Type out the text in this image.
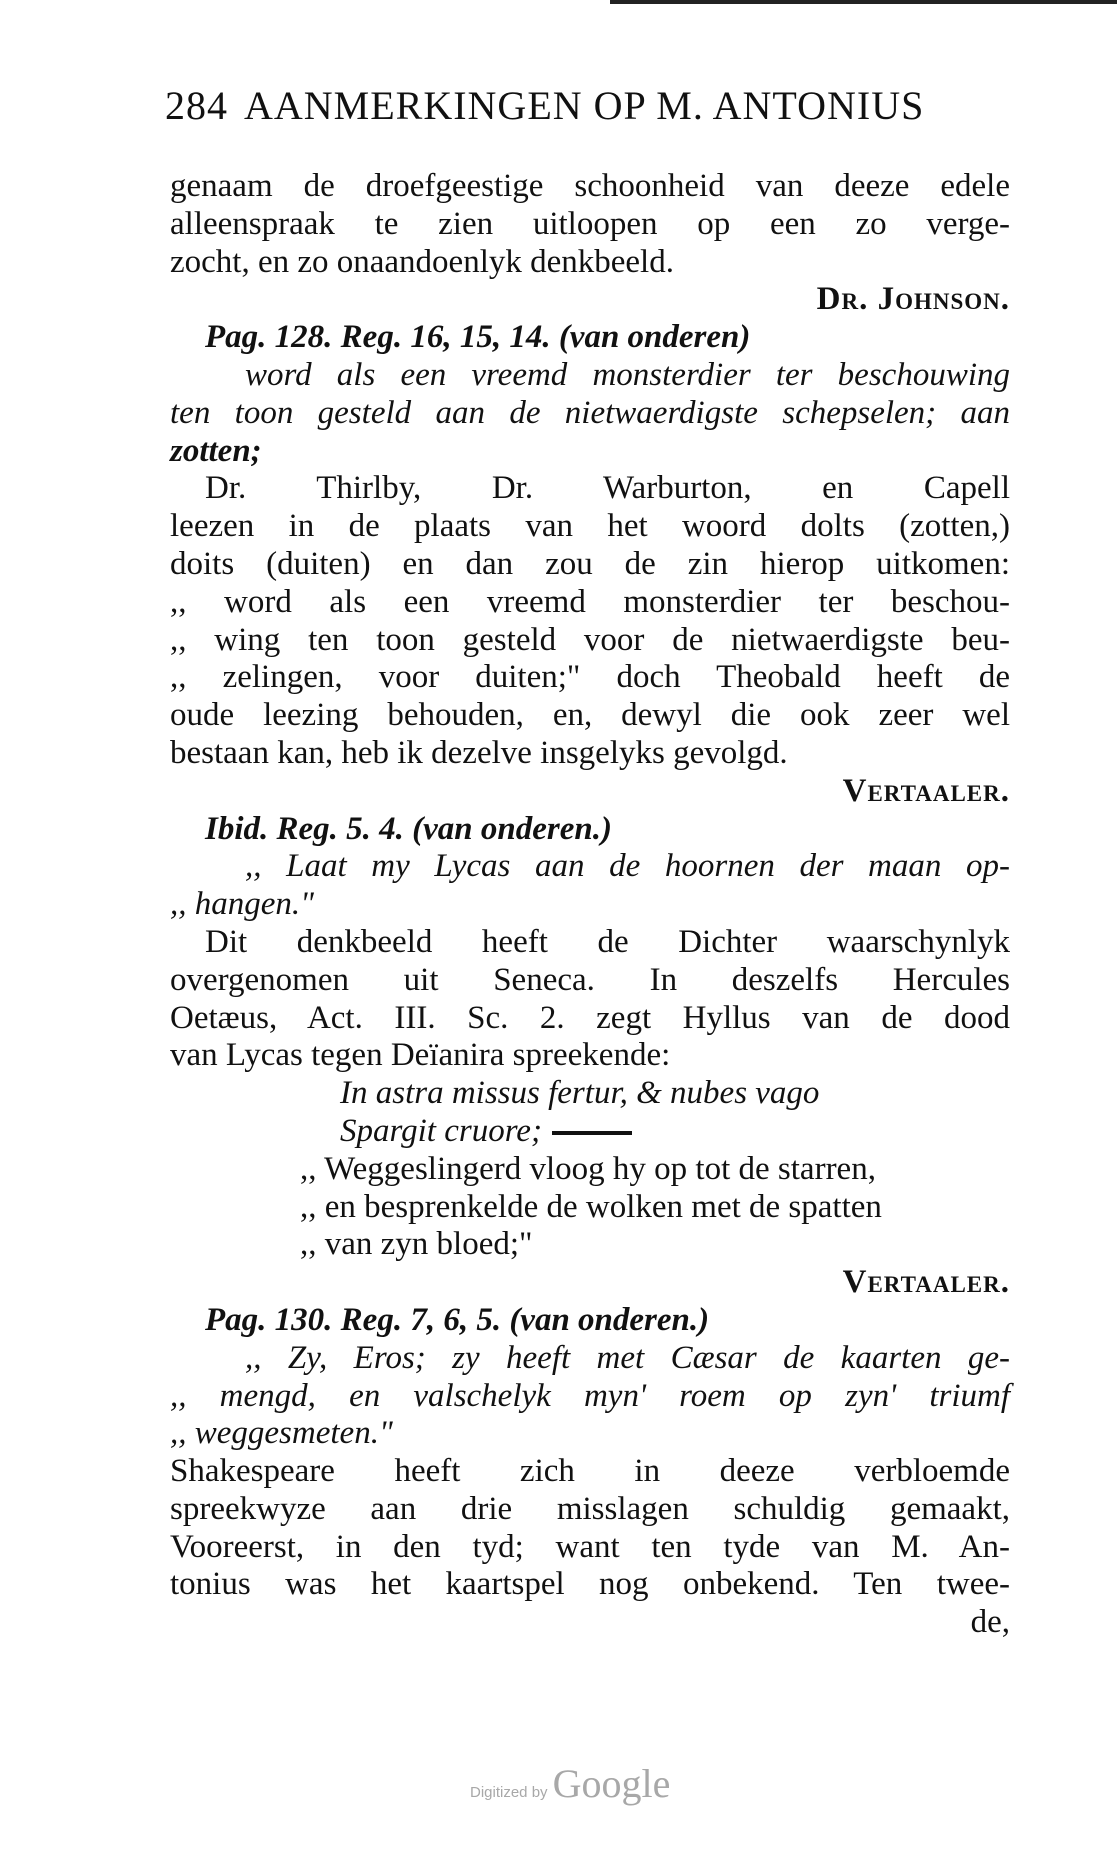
284 AANMERKINGEN OP M. ANTONIUS
genaam de droefgeestige schoonheid van deeze edele
alleenspraak te zien uitloopen op een zo verge-
zocht, en zo onaandoenlyk denkbeeld.
Dr. Johnson.
Pag. 128. Reg. 16, 15, 14. (van onderen)
word als een vreemd monsterdier ter beschouwing
ten toon gesteld aan de nietwaerdigste schepselen; aan
zotten;
Dr. Thirlby, Dr. Warburton, en Capell
leezen in de plaats van het woord dolts (zotten,)
doits (duiten) en dan zou de zin hierop uitkomen:
,, word als een vreemd monsterdier ter beschou-
,, wing ten toon gesteld voor de nietwaerdigste beu-
,, zelingen, voor duiten;" doch Theobald heeft de
oude leezing behouden, en, dewyl die ook zeer wel
bestaan kan, heb ik dezelve insgelyks gevolgd.
Vertaaler.
Ibid. Reg. 5. 4. (van onderen.)
,, Laat my Lycas aan de hoornen der maan op-
,, hangen."
Dit denkbeeld heeft de Dichter waarschynlyk
overgenomen uit Seneca. In deszelfs Hercules
Oetæus, Act. III. Sc. 2. zegt Hyllus van de dood
van Lycas tegen Deïanira spreekende:
In astra missus fertur, & nubes vago
Spargit cruore;
,, Weggeslingerd vloog hy op tot de starren,
,, en besprenkelde de wolken met de spatten
,, van zyn bloed;"
Vertaaler.
Pag. 130. Reg. 7, 6, 5. (van onderen.)
,, Zy, Eros; zy heeft met Cæsar de kaarten ge-
,, mengd, en valschelyk myn' roem op zyn' triumf
,, weggesmeten."
Shakespeare heeft zich in deeze verbloemde
spreekwyze aan drie misslagen schuldig gemaakt,
Vooreerst, in den tyd; want ten tyde van M. An-
tonius was het kaartspel nog onbekend. Ten twee-
de,
Digitized by Google
